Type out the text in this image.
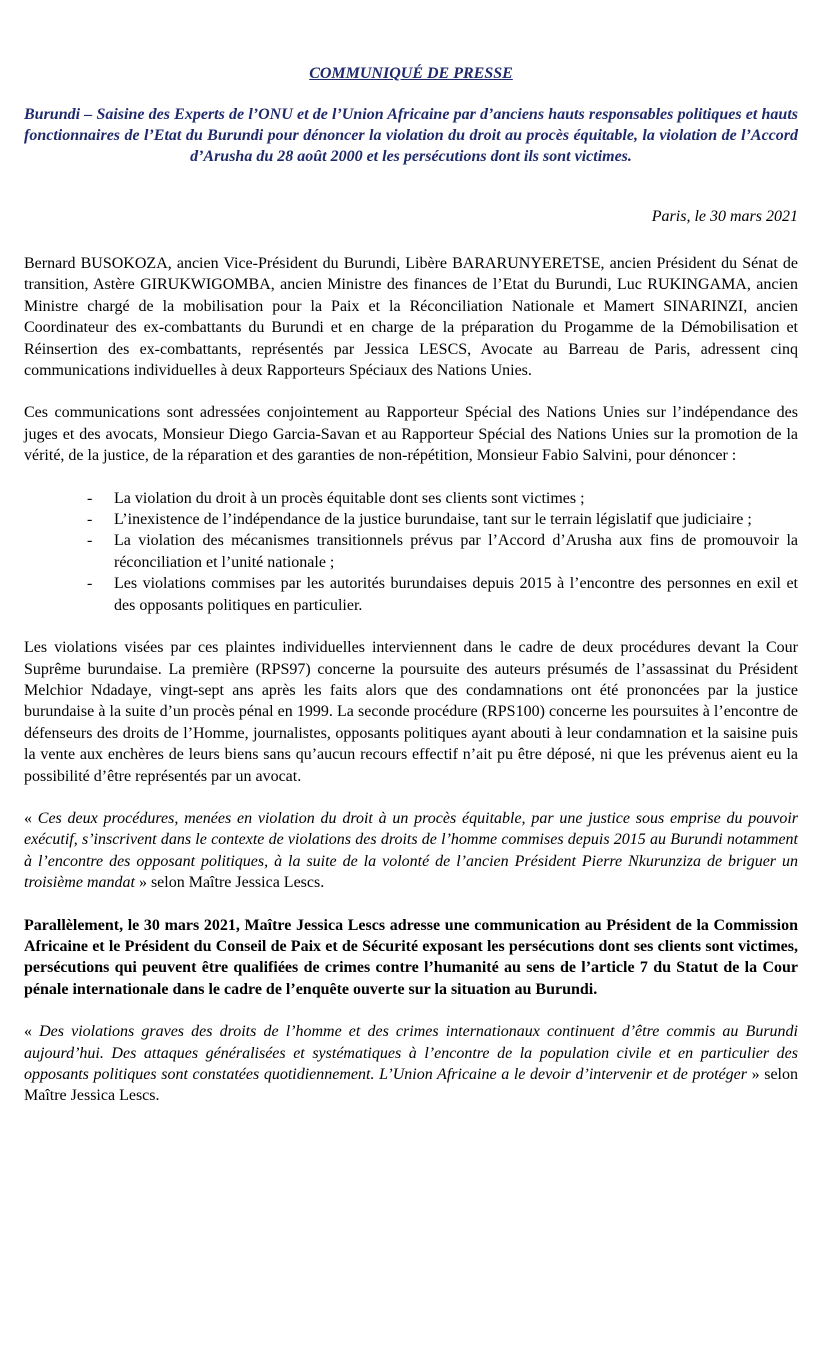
COMMUNIQUÉ DE PRESSE

Burundi – Saisine des Experts de l’ONU et de l’Union Africaine par d’anciens hauts responsables politiques et hauts fonctionnaires de l’Etat du Burundi pour dénoncer la violation du droit au procès équitable, la violation de l’Accord d’Arusha du 28 août 2000 et les persécutions dont ils sont victimes.

Paris, le 30 mars 2021

Bernard BUSOKOZA, ancien Vice-Président du Burundi, Libère BARARUNYERETSE, ancien Président du Sénat de transition, Astère GIRUKWIGOMBA, ancien Ministre des finances de l’Etat du Burundi, Luc RUKINGAMA, ancien Ministre chargé de la mobilisation pour la Paix et la Réconciliation Nationale et Mamert SINARINZI, ancien Coordinateur des ex-combattants du Burundi et en charge de la préparation du Progamme de la Démobilisation et Réinsertion des ex-combattants, représentés par Jessica LESCS, Avocate au Barreau de Paris, adressent cinq communications individuelles à deux Rapporteurs Spéciaux des Nations Unies.

Ces communications sont adressées conjointement au Rapporteur Spécial des Nations Unies sur l’indépendance des juges et des avocats, Monsieur Diego Garcia-Savan et au Rapporteur Spécial des Nations Unies sur la promotion de la vérité, de la justice, de la réparation et des garanties de non-répétition, Monsieur Fabio Salvini, pour dénoncer :

- La violation du droit à un procès équitable dont ses clients sont victimes ;
- L’inexistence de l’indépendance de la justice burundaise, tant sur le terrain législatif que judiciaire ;
- La violation des mécanismes transitionnels prévus par l’Accord d’Arusha aux fins de promouvoir la réconciliation et l’unité nationale ;
- Les violations commises par les autorités burundaises depuis 2015 à l’encontre des personnes en exil et des opposants politiques en particulier.

Les violations visées par ces plaintes individuelles interviennent dans le cadre de deux procédures devant la Cour Suprême burundaise. La première (RPS97) concerne la poursuite des auteurs présumés de l’assassinat du Président Melchior Ndadaye, vingt-sept ans après les faits alors que des condamnations ont été prononcées par la justice burundaise à la suite d’un procès pénal en 1999. La seconde procédure (RPS100) concerne les poursuites à l’encontre de défenseurs des droits de l’Homme, journalistes, opposants politiques ayant abouti à leur condamnation et la saisine puis la vente aux enchères de leurs biens sans qu’aucun recours effectif n’ait pu être déposé, ni que les prévenus aient eu la possibilité d’être représentés par un avocat.

« Ces deux procédures, menées en violation du droit à un procès équitable, par une justice sous emprise du pouvoir exécutif, s’inscrivent dans le contexte de violations des droits de l’homme commises depuis 2015 au Burundi notamment à l’encontre des opposant politiques, à la suite de la volonté de l’ancien Président Pierre Nkurunziza de briguer un troisième mandat » selon Maître Jessica Lescs.

Parallèlement, le 30 mars 2021, Maître Jessica Lescs adresse une communication au Président de la Commission Africaine et le Président du Conseil de Paix et de Sécurité exposant les persécutions dont ses clients sont victimes, persécutions qui peuvent être qualifiées de crimes contre l’humanité au sens de l’article 7 du Statut de la Cour pénale internationale dans le cadre de l’enquête ouverte sur la situation au Burundi.

« Des violations graves des droits de l’homme et des crimes internationaux continuent d’être commis au Burundi aujourd’hui. Des attaques généralisées et systématiques à l’encontre de la population civile et en particulier des opposants politiques sont constatées quotidiennement. L’Union Africaine a le devoir d’intervenir et de protéger » selon Maître Jessica Lescs.
